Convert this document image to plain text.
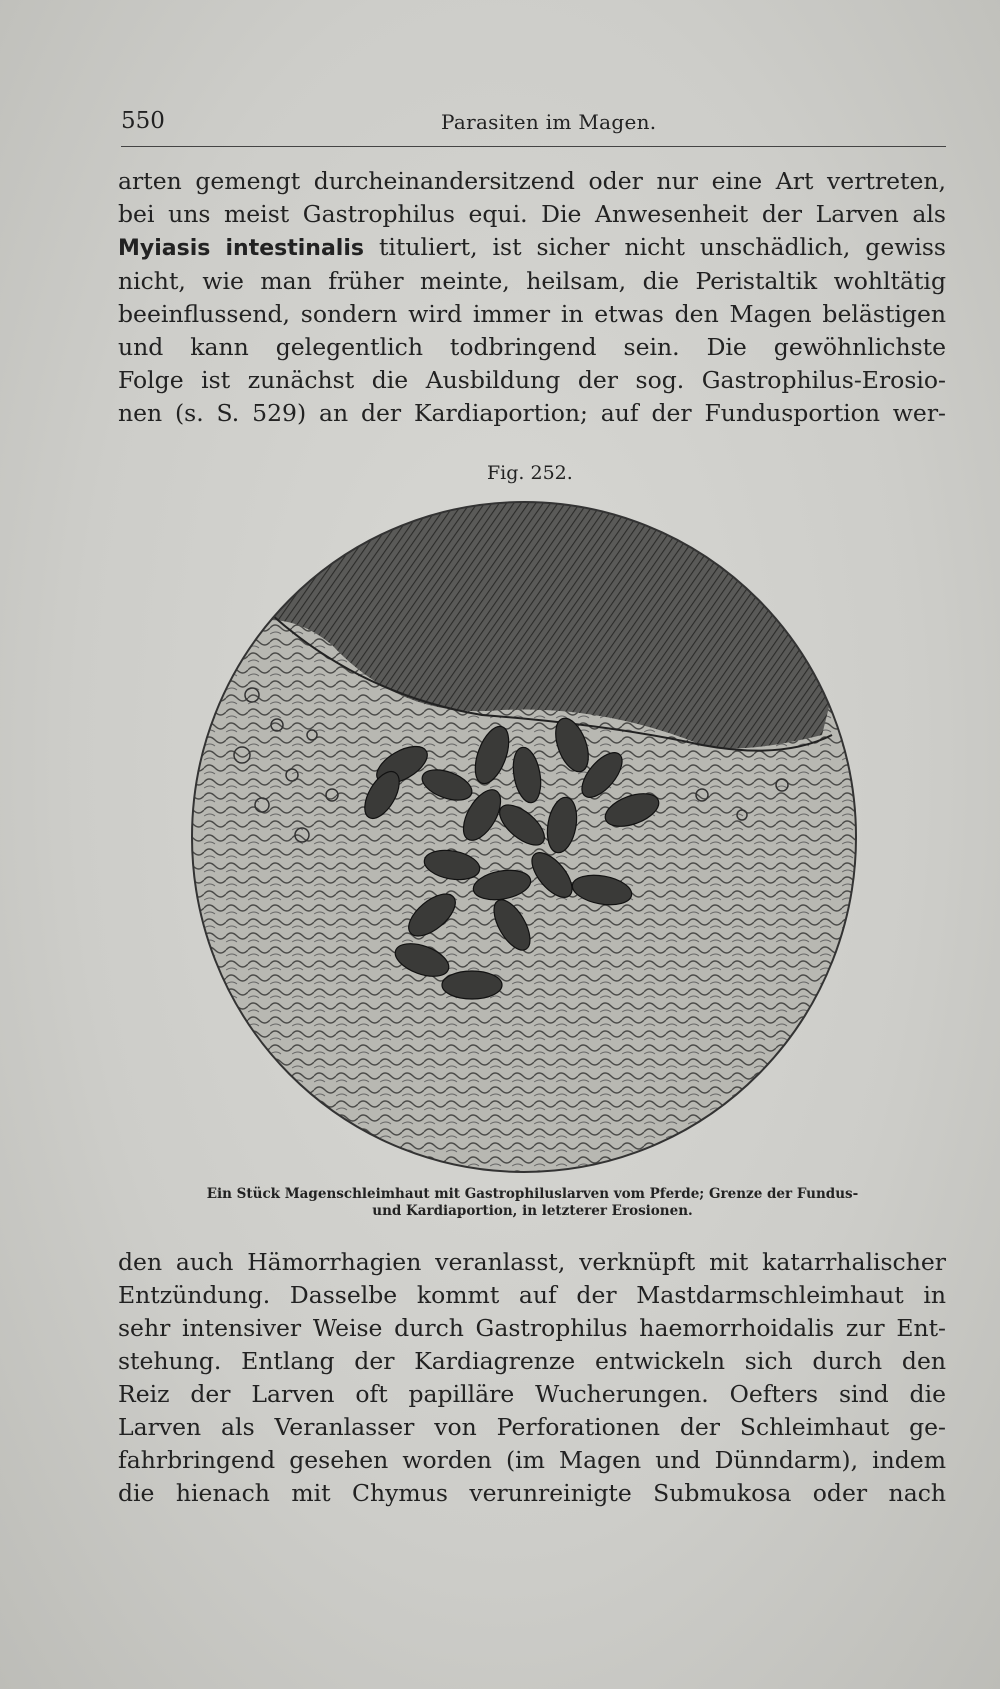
550	Parasiten im Magen.
arten gemengt durcheinandersitzend oder nur eine Art vertreten,
bei uns meist Gastrophilus equi. Die Anwesenheit der Larven als
Myiasis intestinalis tituliert, ist sicher nicht unschädlich, gewiss
nicht, wie man früher meinte, heilsam, die Peristaltik wohltätig
beeinflussend, sondern wird immer in etwas den Magen belästigen
und kann gelegentlich todbringend sein. Die gewöhnlichste
Folge ist zunächst die Ausbildung der sog. Gastrophilus-Erosio-
nen (s. S. 529) an der Kardiaportion; auf der Fundusportion wer-
Fig. 252.
Ein Stück Magenschleimhaut mit Gastrophiluslarven vom Pferde; Grenze der Fundus-
und Kardiaportion, in letzterer Erosionen.
den auch Hämorrhagien veranlasst, verknüpft mit katarrhalischer
Entzündung. Dasselbe kommt auf der Mastdarmschleimhaut in
sehr intensiver Weise durch Gastrophilus haemorrhoidalis zur Ent-
stehung. Entlang der Kardiagrenze entwickeln sich durch den
Reiz der Larven oft papilläre Wucherungen. Oefters sind die
Larven als Veranlasser von Perforationen der Schleimhaut ge-
fahrbringend gesehen worden (im Magen und Dünndarm), indem
die hienach mit Chymus verunreinigte Submukosa oder nach
